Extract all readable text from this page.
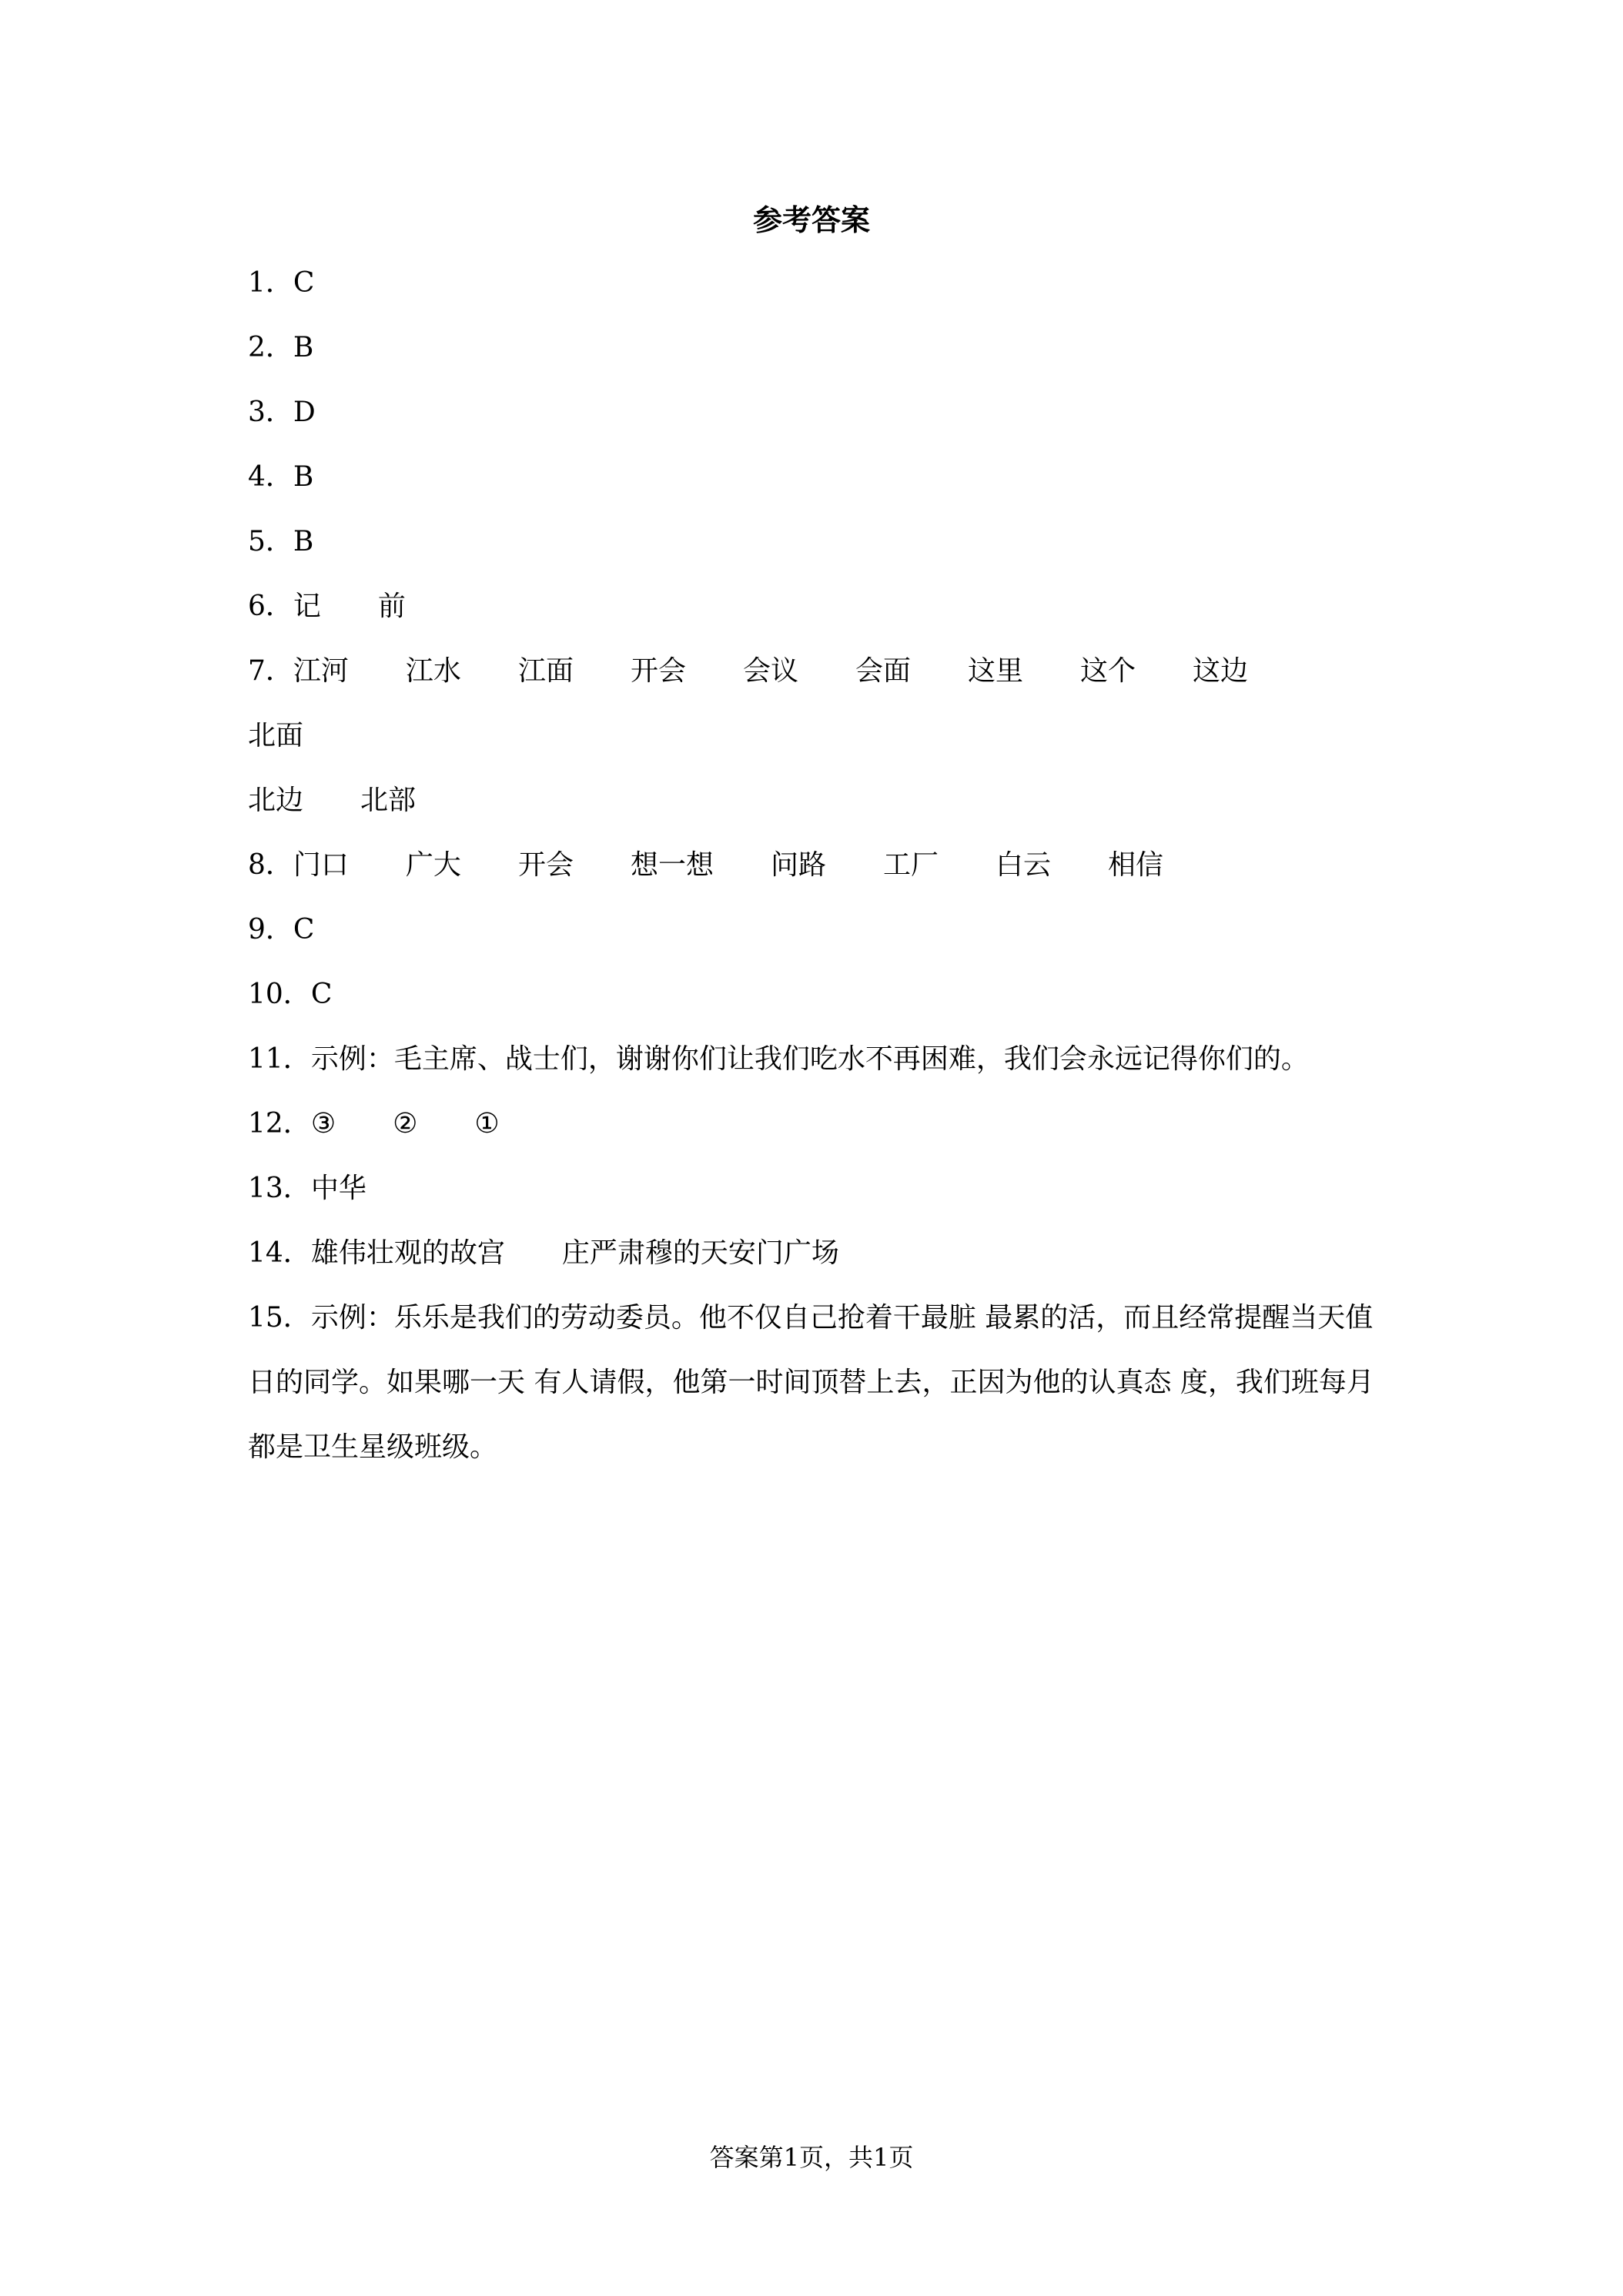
参考答案
1．C
2．B
3．D
4．B
5．B
6．记 前
7．江河 江水 江面 开会 会议 会面 这里 这个 这边北面
北边 北部
8．门口 广大 开会 想一想 问路 工厂 白云 相信
9．C
10．C
11．示例：毛主席、战士们，谢谢你们让我们吃水不再困难，我们会永远记得你们的。
12．③ ② ①
13．中华
14．雄伟壮观的故宫 庄严肃穆的天安门广场
15．示例：乐乐是我们的劳动委员。他不仅自己抢着干最脏 最累的活，而且经常提醒当天值日的同学。如果哪一天 有人请假，他第一时间顶替上去，正因为他的认真态 度，我们班每月都是卫生星级班级。
答案第1页，共1页
